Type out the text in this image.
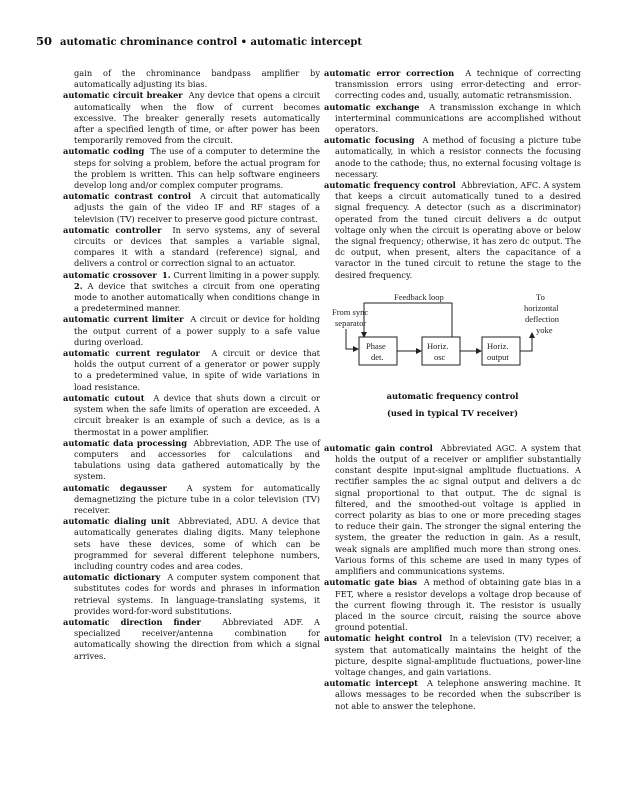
50 automatic chrominance control • automatic intercept
gain of the chrominance bandpass amplifier by automatically adjusting its bias.
automatic circuit breaker Any device that opens a circuit automatically when the flow of current becomes excessive. The breaker generally resets automatically after a specified length of time, or after power has been temporarily removed from the circuit.
automatic coding The use of a computer to determine the steps for solving a problem, before the actual program for the problem is written. This can help software engineers develop long and/or complex computer programs.
automatic contrast control A circuit that automatically adjusts the gain of the video IF and RF stages of a television (TV) receiver to preserve good picture contrast.
automatic controller In servo systems, any of several circuits or devices that samples a variable signal, compares it with a standard (reference) signal, and delivers a control or correction signal to an actuator.
automatic crossover 1. Current limiting in a power supply. 2. A device that switches a circuit from one operating mode to another automatically when conditions change in a predetermined manner.
automatic current limiter A circuit or device for holding the output current of a power supply to a safe value during overload.
automatic current regulator A circuit or device that holds the output current of a generator or power supply to a predetermined value, in spite of wide variations in load resistance.
automatic cutout A device that shuts down a circuit or system when the safe limits of operation are exceeded. A circuit breaker is an example of such a device, as is a thermostat in a power amplifier.
automatic data processing Abbreviation, ADP. The use of computers and accessories for calculations and tabulations using data gathered automatically by the system.
automatic degausser A system for automatically demagnetizing the picture tube in a color television (TV) receiver.
automatic dialing unit Abbreviated, ADU. A device that automatically generates dialing digits. Many telephone sets have these devices, some of which can be programmed for several different telephone numbers, including country codes and area codes.
automatic dictionary A computer system component that substitutes codes for words and phrases in information retrieval systems. In language-translating systems, it provides word-for-word substitutions.
automatic direction finder	Abbreviated ADF. A specialized receiver/antenna combination for automatically showing the direction from which a signal arrives.
automatic error correction A technique of correcting transmission errors using error-detecting and error-correcting codes and, usually, automatic retransmission.
automatic exchange A transmission exchange in which interterminal communications are accomplished without operators.
automatic focusing A method of focusing a picture tube automatically, in which a resistor connects the focusing anode to the cathode; thus, no external focusing voltage is necessary.
automatic frequency control Abbreviation, AFC. A system that keeps a circuit automatically tuned to a desired signal frequency. A detector (such as a discriminator) operated from the tuned circuit delivers a dc output voltage only when the circuit is operating above or below the signal frequency; otherwise, it has zero dc output. The dc output, when present, alters the capacitance of a varactor in the tuned circuit to retune the stage to the desired frequency.
Feedback loop
From sync
separator
Phase
det.
Horiz.
osc
Horiz.
output
To
horizontal
deflection
yoke
automatic frequency control
(used in typical TV receiver)
automatic gain control Abbreviated AGC. A system that holds the output of a receiver or amplifier substantially constant despite input-signal amplitude fluctuations. A rectifier samples the ac signal output and delivers a dc signal proportional to that output. The dc signal is filtered, and the smoothed-out voltage is applied in correct polarity as bias to one or more preceding stages to reduce their gain. The stronger the signal entering the system, the greater the reduction in gain. As a result, weak signals are amplified much more than strong ones. Various forms of this scheme are used in many types of amplifiers and communications systems.
automatic gate bias A method of obtaining gate bias in a FET, where a resistor develops a voltage drop because of the current flowing through it. The resistor is usually placed in the source circuit, raising the source above ground potential.
automatic height control In a television (TV) receiver, a system that automatically maintains the height of the picture, despite signal-amplitude fluctuations, power-line voltage changes, and gain variations.
automatic intercept A telephone answering machine. It allows messages to be recorded when the subscriber is not able to answer the telephone.
